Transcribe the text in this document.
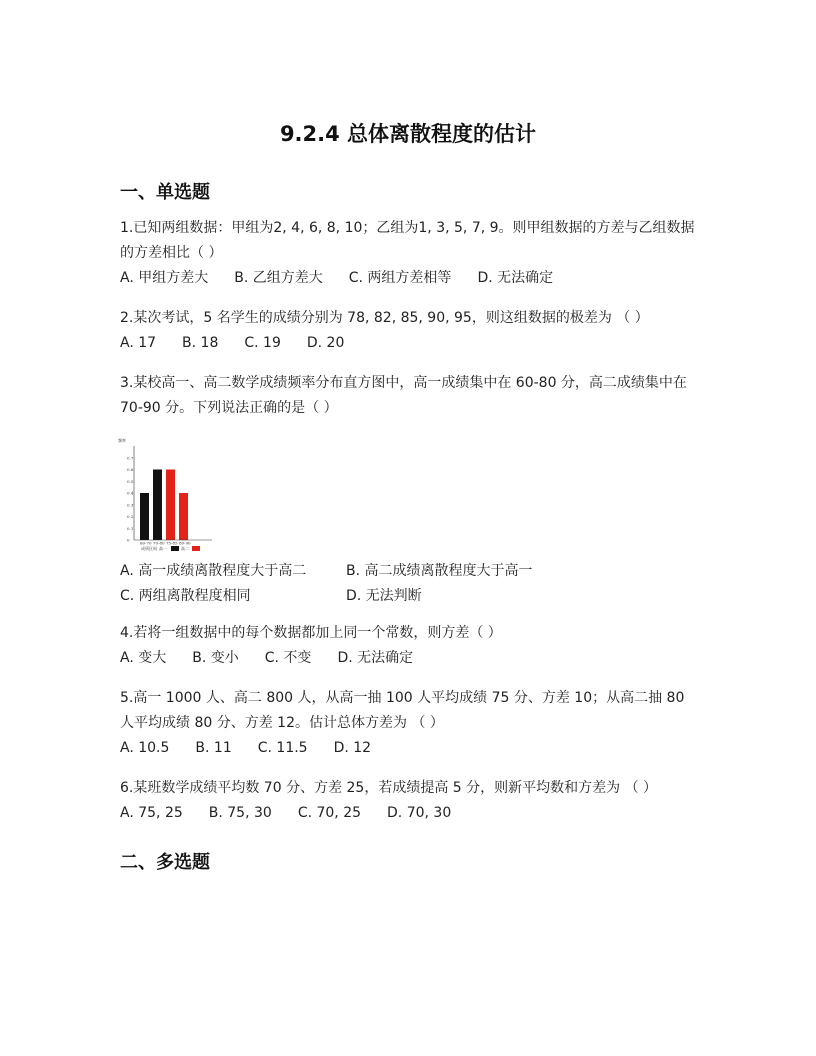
9.2.4 总体离散程度的估计
一、单选题
1.已知两组数据：甲组为2, 4, 6, 8, 10；乙组为1, 3, 5, 7, 9。则甲组数据的方差与乙组数据的方差相比（ ）
A. 甲组方差大 B. 乙组方差大 C. 两组方差相等 D. 无法确定
2.某次考试，5 名学生的成绩分别为 78, 82, 85, 90, 95，则这组数据的极差为 （ ）
A. 17 B. 18 C. 19 D. 20
3.某校高一、高二数学成绩频率分布直方图中，高一成绩集中在 60-80 分，高二成绩集中在 70-90 分。下列说法正确的是（ ）
频率
0
0.1
0.2
0.3
0.4
0.5
0.6
0.7
60-70 70-80 75-85 80-90
成绩区间 高一	高二
A. 高一成绩离散程度大于高二	B. 高二成绩离散程度大于高一
C. 两组离散程度相同	D. 无法判断
4.若将一组数据中的每个数据都加上同一个常数，则方差（ ）
A. 变大 B. 变小 C. 不变 D. 无法确定
5.高一 1000 人、高二 800 人，从高一抽 100 人平均成绩 75 分、方差 10；从高二抽 80 人平均成绩 80 分、方差 12。估计总体方差为 （ ）
A. 10.5 B. 11 C. 11.5 D. 12
6.某班数学成绩平均数 70 分、方差 25，若成绩提高 5 分，则新平均数和方差为 （ ）
A. 75, 25 B. 75, 30 C. 70, 25 D. 70, 30
二、多选题
